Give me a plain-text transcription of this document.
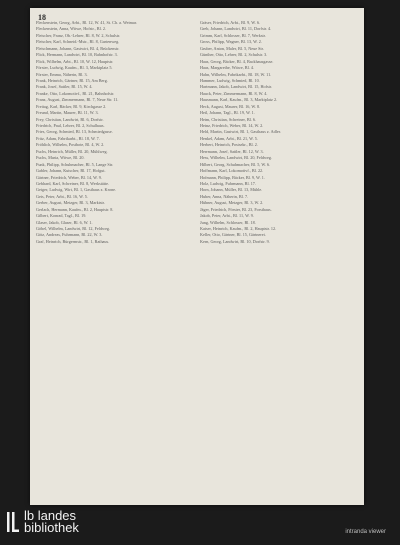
18
Fleckenstein, Georg, Arbt., Bl. 12, W. 41, St. Ch. a. Weimar.
Fleckenstein, Anna, Witwe, Hofstr., Bl. 2.
Fleischer, Franz, Ob.-Lehrer, Bl. 8, W. 2, Schulstr.
Fleischer, Karl, Schneid.-Mstr., Bl. 8, Gartenweg.
Fleischmann, Johann, Gastwirt, Bl. 4, Brückenstr.
Flick, Hermann, Landwirt, Bl. 10, Bahnhofstr. 3.
Flick, Wilhelm, Arbt., Bl. 10, W. 12, Hauptstr.
Förster, Ludwig, Kaufm., Bl. 3, Marktplatz 5.
Förster, Emma, Näherin, Bl. 3.
Frank, Heinrich, Gärtner, Bl. 15, Am Berg.
Frank, Josef, Sattler, Bl. 15, W. 4.
Franke, Otto, Lokomotivf., Bl. 21, Bahnhofstr.
Franz, August, Zimmermann, Bl. 7, Neue Str. 11.
Freitag, Karl, Bäcker, Bl. 9, Kirchgasse 2.
Freund, Martin, Maurer, Bl. 11, W. 3.
Frey, Christian, Landwirt, Bl. 6, Dorfstr.
Friedrich, Paul, Lehrer, Bl. 2, Schulhaus.
Fries, Georg, Schmied, Bl. 13, Schmiedgasse.
Fritz, Adam, Fabrikarbt., Bl. 18, W. 7.
Fröhlich, Wilhelm, Postbote, Bl. 4, W. 2.
Fuchs, Heinrich, Müller, Bl. 20, Mühlweg.
Fuchs, Maria, Witwe, Bl. 20.
Funk, Philipp, Schuhmacher, Bl. 5, Lange Str.
Gabler, Johann, Kutscher, Bl. 17, Hofgut.
Gärtner, Friedrich, Weber, Bl. 14, W. 9.
Gebhard, Karl, Schreiner, Bl. 8, Werkstätte.
Geiger, Ludwig, Wirt, Bl. 1, Gasthaus z. Krone.
Geis, Peter, Arbt., Bl. 16, W. 5.
Gerber, August, Metzger, Bl. 3, Marktstr.
Gerlach, Hermann, Kaufm., Bl. 2, Hauptstr. 8.
Gilbert, Konrad, Tagl., Bl. 19.
Glaser, Jakob, Glaser, Bl. 6, W. 1.
Göbel, Wilhelm, Landwirt, Bl. 12, Feldweg.
Götz, Andreas, Fuhrmann, Bl. 22, W. 3.
Graf, Heinrich, Bürgermstr., Bl. 1, Rathaus.
Gräser, Friedrich, Arbt., Bl. 9, W. 6.
Greb, Johann, Landwirt, Bl. 11, Dorfstr. 4.
Grimm, Karl, Schlosser, Bl. 7, Werkstr.
Gross, Philipp, Wagner, Bl. 13, W. 2.
Gruber, Anton, Maler, Bl. 5, Neue Str.
Günther, Otto, Lehrer, Bl. 2, Schulstr. 3.
Haas, Georg, Bäcker, Bl. 4, Backhausgasse.
Haas, Margarethe, Witwe, Bl. 4.
Hahn, Wilhelm, Fabrikarbt., Bl. 18, W. 11.
Hammer, Ludwig, Schmied, Bl. 10.
Hartmann, Jakob, Landwirt, Bl. 15, Hofstr.
Hauck, Peter, Zimmermann, Bl. 8, W. 4.
Hausmann, Karl, Kaufm., Bl. 3, Marktplatz 2.
Heck, August, Maurer, Bl. 16, W. 8.
Heil, Johann, Tagl., Bl. 19, W. 1.
Heim, Christian, Schreiner, Bl. 6.
Heinz, Friedrich, Weber, Bl. 14, W. 2.
Held, Martin, Gastwirt, Bl. 1, Gasthaus z. Adler.
Henkel, Adam, Arbt., Bl. 21, W. 5.
Herbert, Heinrich, Postsekr., Bl. 2.
Herrmann, Josef, Sattler, Bl. 12, W. 3.
Hess, Wilhelm, Landwirt, Bl. 20, Feldweg.
Hilbert, Georg, Schuhmacher, Bl. 5, W. 6.
Hoffmann, Karl, Lokomotivf., Bl. 22.
Hofmann, Philipp, Bäcker, Bl. 9, W. 1.
Holz, Ludwig, Fuhrmann, Bl. 17.
Horn, Johann, Müller, Bl. 13, Mühle.
Huber, Anna, Näherin, Bl. 7.
Hübner, August, Metzger, Bl. 3, W. 2.
Jäger, Friedrich, Förster, Bl. 23, Forsthaus.
Jakob, Peter, Arbt., Bl. 11, W. 9.
Jung, Wilhelm, Schlosser, Bl. 18.
Kaiser, Heinrich, Kaufm., Bl. 2, Hauptstr. 12.
Keller, Otto, Gärtner, Bl. 15, Gärtnerei.
Kern, Georg, Landwirt, Bl. 10, Dorfstr. 9.
lb landes
bibliothek	intranda viewer
